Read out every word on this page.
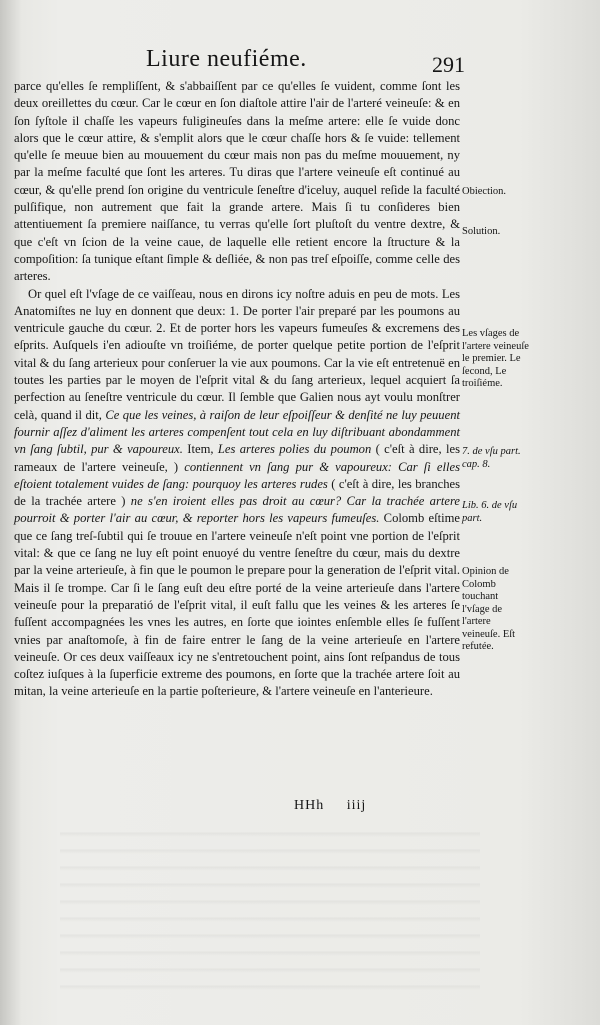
Liure neufiéme.	291

parce qu'elles ſe rempliſſent, & s'abbaiſſent par ce qu'elles ſe vuident, comme ſont les deux oreillettes du cœur. Car le cœur en ſon diaſtole attire l'air de l'arteré veineuſe: & en ſon ſyſtole il chaſſe les vapeurs fuligineuſes dans la meſme artere: elle ſe vuide donc alors que le cœur attire, & s'emplit alors que le cœur chaſſe hors & ſe vuide: tellement qu'elle ſe meuue bien au mouuement du cœur mais non pas du meſme mouuement, ny par la meſme faculté que ſont les arteres. Tu diras que l'artere veineuſe eſt continué au cœur, & qu'elle prend ſon origine du ventricule ſeneſtre d'iceluy, auquel reſide la faculté pulſifique, non autrement que fait la grande artere. Mais ſi tu conſideres bien attentiuement ſa premiere naiſſance, tu verras qu'elle ſort pluſtoſt du ventre dextre, & que c'eſt vn ſcion de la veine caue, de laquelle elle retient encore la ſtructure & la compoſition: ſa tunique eſtant ſimple & deſliée, & non pas treſ eſpoiſſe, comme celle des arteres.

Or quel eſt l'vſage de ce vaiſſeau, nous en dirons icy noſtre aduis en peu de mots. Les Anatomiſtes ne luy en donnent que deux: 1. De porter l'air preparé par les poumons au ventricule gauche du cœur. 2. Et de porter hors les vapeurs fumeuſes & excremens des eſprits. Auſquels i'en adiouſte vn troiſiéme, de porter quelque petite portion de l'eſprit vital & du ſang arterieux pour conſeruer la vie aux poumons. Car la vie eſt entretenuë en toutes les parties par le moyen de l'eſprit vital & du ſang arterieux, lequel acquiert ſa perfection au ſeneſtre ventricule du cœur. Il ſemble que Galien nous ayt voulu monſtrer celà, quand il dit, Ce que les veines, à raiſon de leur eſpoiſſeur & denſité ne luy peuuent fournir aſſez d'aliment les arteres compenſent tout cela en luy diſtribuant abondamment vn ſang ſubtil, pur & vapoureux. Item, Les arteres polies du poumon ( c'eſt à dire, les rameaux de l'artere veineuſe, ) contiennent vn ſang pur & vapoureux: Car ſi elles eſtoient totalement vuides de ſang: pourquoy les arteres rudes ( c'eſt à dire, les branches de la trachée artere ) ne s'en iroient elles pas droit au cœur? Car la trachée artere pourroit & porter l'air au cœur, & reporter hors les vapeurs fumeuſes. Colomb eſtime que ce ſang treſ-ſubtil qui ſe trouue en l'artere veineuſe n'eſt point vne portion de l'eſprit vital: & que ce ſang ne luy eſt point enuoyé du ventre ſeneſtre du cœur, mais du dextre par la veine arterieuſe, à fin que le poumon le prepare pour la generation de l'eſprit vital. Mais il ſe trompe. Car ſi le ſang euſt deu eſtre porté de la veine arterieuſe dans l'artere veineuſe pour la preparatió de l'eſprit vital, il euſt fallu que les veines & les arteres ſe fuſſent accompagnées les vnes les autres, en ſorte que iointes enſemble elles ſe fuſſent vnies par anaſtomoſe, à fin de faire entrer le ſang de la veine arterieuſe en l'artere veineuſe. Or ces deux vaiſſeaux icy ne s'entretouchent point, ains ſont reſpandus de tous coſtez iuſques à la ſuperficie extreme des poumons, en ſorte que la trachée artere ſoit au mitan, la veine arterieuſe en la partie poſterieure, & l'artere veineuſe en l'anterieure.

Obiection.
Solution.
Les vſages de l'artere veineuſe le premier. Le ſecond, Le troiſiéme.
7. de vſu part. cap. 8.
Lib. 6. de vſu part.
Opinion de Colomb touchant l'vſage de l'artere veineuſe. Eſt refutée.
HHh iiij
